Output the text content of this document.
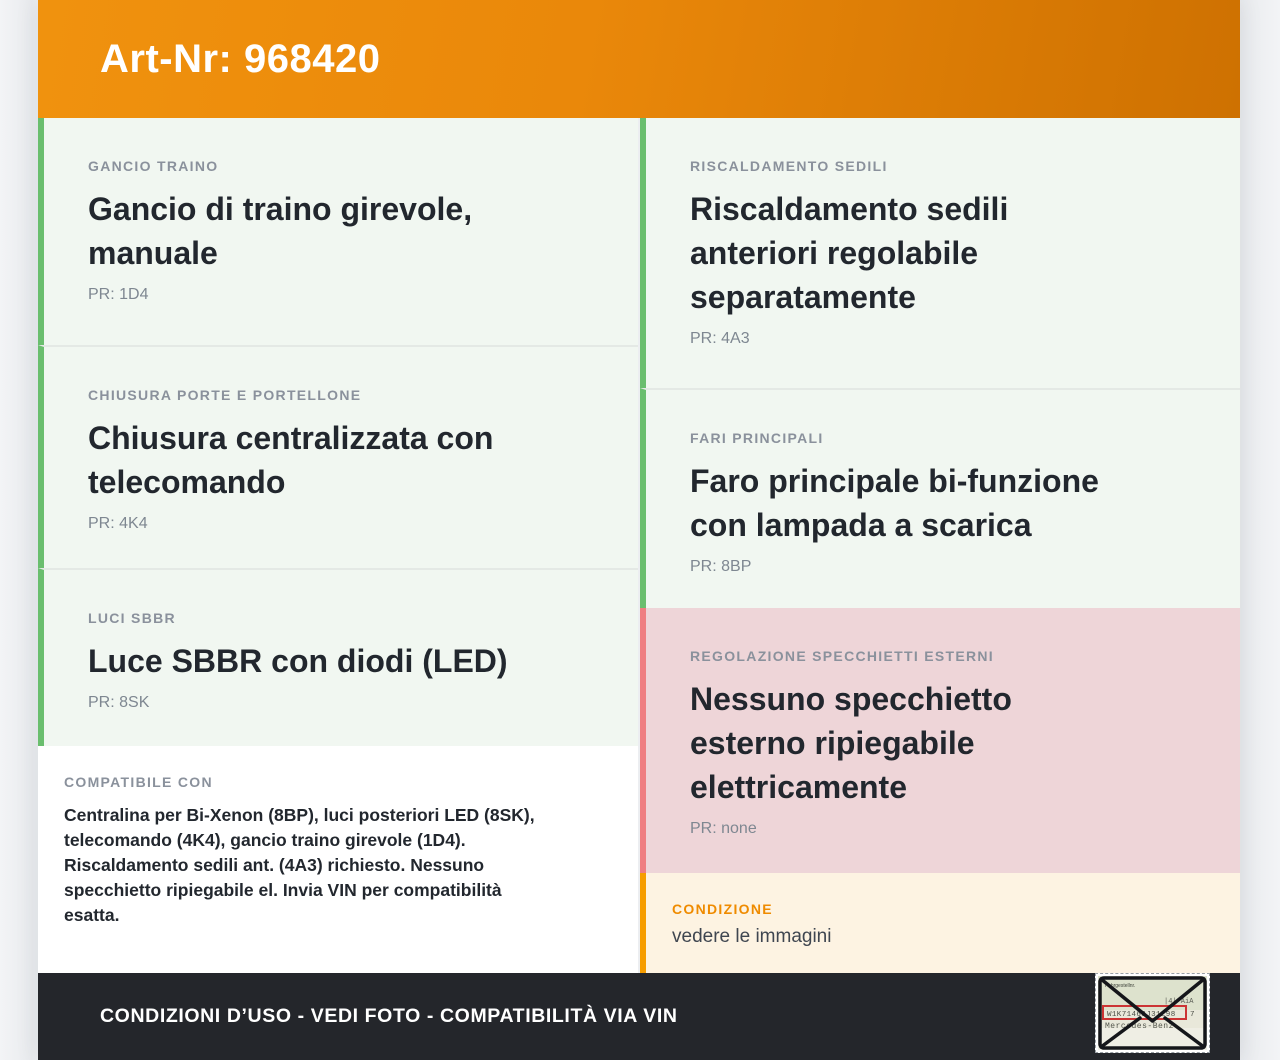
Art-Nr: 968420
GANCIO TRAINO
Gancio di traino girevole,
manuale
PR: 1D4
CHIUSURA PORTE E PORTELLONE
Chiusura centralizzata con
telecomando
PR: 4K4
LUCI SBBR
Luce SBBR con diodi (LED)
PR: 8SK
COMPATIBILE CON
Centralina per Bi-Xenon (8BP), luci posteriori LED (8SK),
telecomando (4K4), gancio traino girevole (1D4).
Riscaldamento sedili ant. (4A3) richiesto. Nessuno
specchietto ripiegabile el. Invia VIN per compatibilità
esatta.
RISCALDAMENTO SEDILI
Riscaldamento sedili
anteriori regolabile
separatamente
PR: 4A3
FARI PRINCIPALI
Faro principale bi-funzione
con lampada a scarica
PR: 8BP
REGOLAZIONE SPECCHIETTI ESTERNI
Nessuno specchietto
esterno ripiegabile
elettricamente
PR: none
CONDIZIONE
vedere le immagini
CONDIZIONI D’USO - VEDI FOTO - COMPATIBILITÀ VIA VIN
Fahrgestellnr.
|4| AiA
W1K71463J31298 7
Mercedes-Benz
